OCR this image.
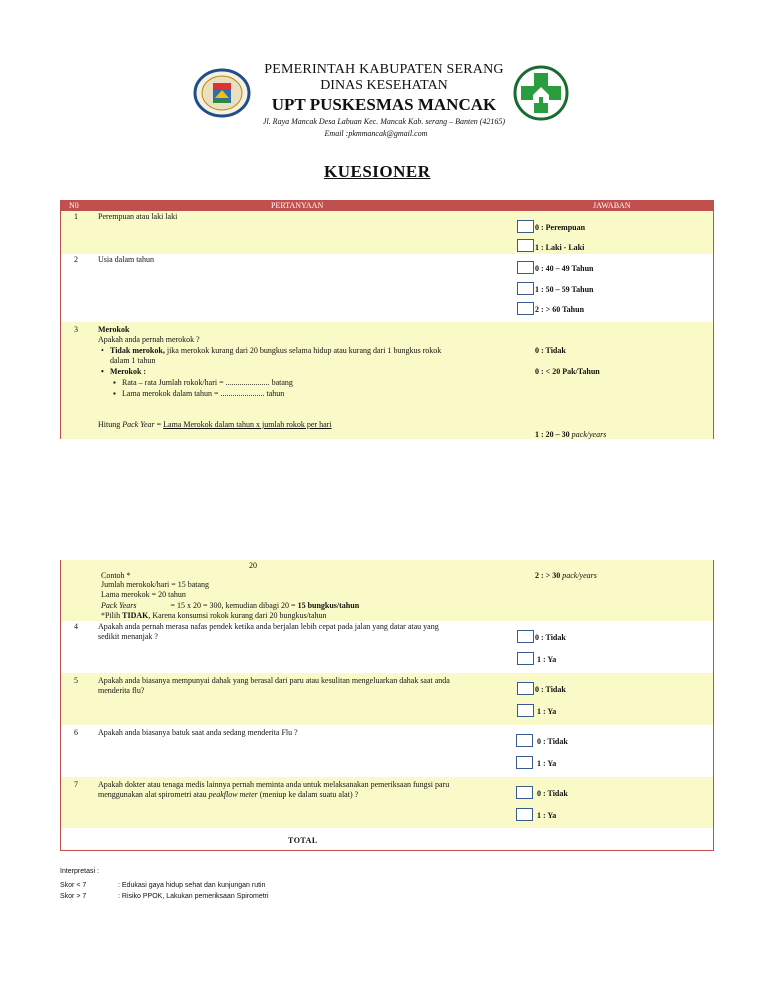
PEMERINTAH KABUPATEN SERANG
DINAS KESEHATAN
UPT PUSKESMAS MANCAK
Jl. Raya Mancak Desa Labuan Kec. Mancak Kab. serang – Banten (42165)
Email :pkmmancak@gmail.com
KUESIONER
N0	PERTANYAAN	JAWABAN
1	Perempuan atau laki laki
0 : Perempuan
1 : Laki - Laki
2	Usia dalam tahun
0 : 40 – 49 Tahun
1 : 50 – 59 Tahun
2 : > 60 Tahun
3	Merokok
Apakah anda pernah merokok ?
• Tidak merokok, jika merokok kurang dari 20 bungkus selama hidup atau kurang dari 1 bungkus rokok
dalam 1 tahun
• Merokok :
▪ Rata – rata Jumlah rokok/hari = ...................... batang
▪ Lama merokok dalam tahun = ...................... tahun
Hitung Pack Year = Lama Merokok dalam tahun x jumlah rokok per hari
0 : Tidak
0 : < 20 Pak/Tahun
1 : 20 – 30 pack/years
20
Contoh *
Jumlah merokok/hari = 15 batang
Lama merokok = 20 tahun
Pack Years                 = 15 x 20 = 300, kemudian dibagi 20 = 15 bungkus/tahun
*Pilih TIDAK, Karena konsumsi rokok kurang dari 20 bungkus/tahun
2 : > 30 pack/years
4	Apakah anda pernah merasa nafas pendek ketika anda berjalan lebih cepat pada jalan yang datar atau yang
sedikit menanjak ?	0 : Tidak
1 : Ya
5	Apakah anda biasanya mempunyai dahak yang berasal dari paru atau kesulitan mengeluarkan dahak saat anda
menderita flu?	0 : Tidak
1 : Ya
6	Apakah anda biasanya batuk saat anda sedang menderita Flu ?
0 : Tidak
1 : Ya
7	Apakah dokter atau tenaga medis lainnya pernah meminta anda untuk melaksanakan pemeriksaan fungsi paru
menggunakan alat spirometri atau peakflow meter (meniup ke dalam suatu alat) ?	0 : Tidak
1 : Ya
TOTAL
Interpretasi :
Skor < 7	: Edukasi gaya hidup sehat dan kunjungan rutin
Skor > 7	: Risiko PPOK, Lakukan pemeriksaan Spirometri
